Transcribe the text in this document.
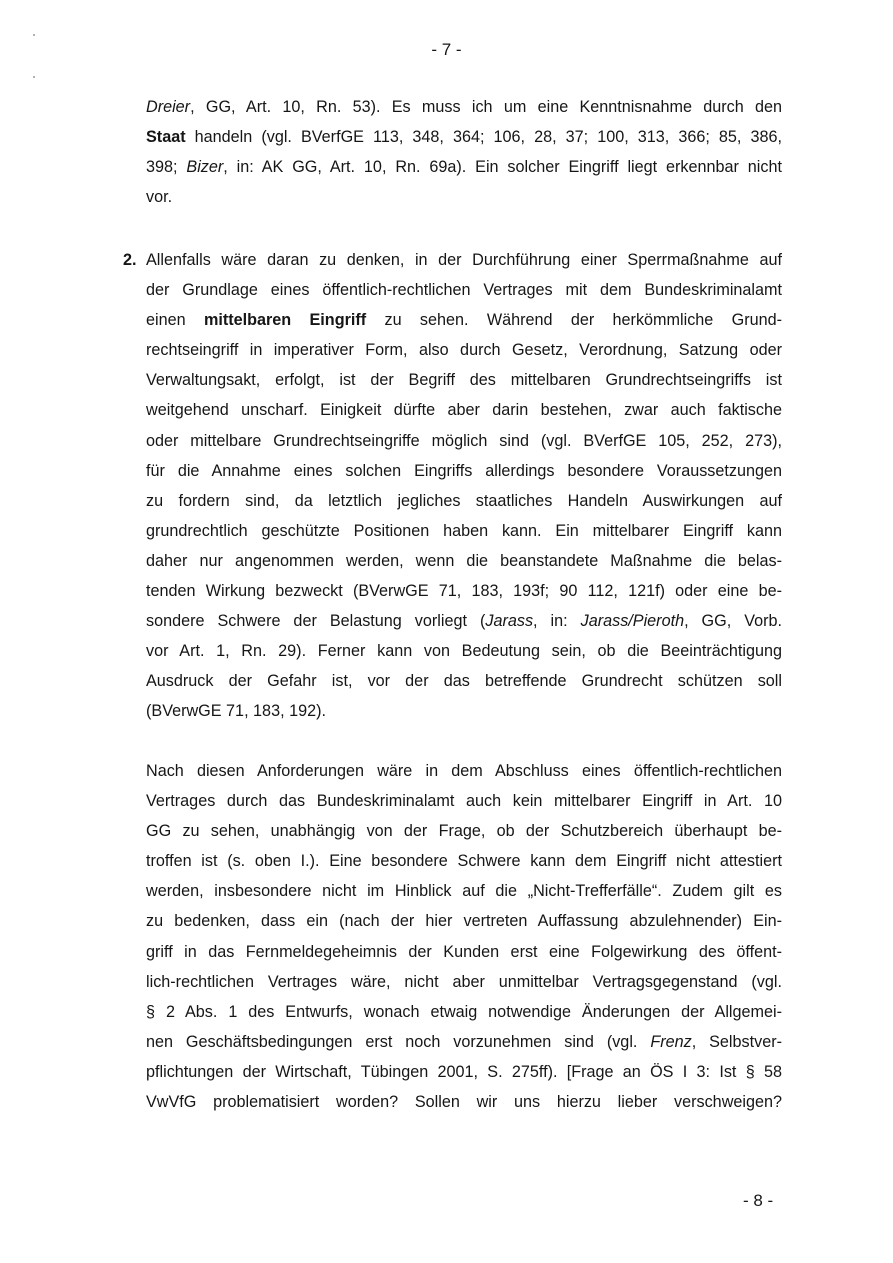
- 7 -
Dreier, GG, Art. 10, Rn. 53). Es muss ich um eine Kenntnisnahme durch den
Staat handeln (vgl. BVerfGE 113, 348, 364; 106, 28, 37; 100, 313, 366; 85, 386,
398; Bizer, in: AK GG, Art. 10, Rn. 69a). Ein solcher Eingriff liegt erkennbar nicht
vor.
2. Allenfalls wäre daran zu denken, in der Durchführung einer Sperrmaßnahme auf
der Grundlage eines öffentlich-rechtlichen Vertrages mit dem Bundeskriminalamt
einen mittelbaren Eingriff zu sehen. Während der herkömmliche Grund-
rechtseingriff in imperativer Form, also durch Gesetz, Verordnung, Satzung oder
Verwaltungsakt, erfolgt, ist der Begriff des mittelbaren Grundrechtseingriffs ist
weitgehend unscharf. Einigkeit dürfte aber darin bestehen, zwar auch faktische
oder mittelbare Grundrechtseingriffe möglich sind (vgl. BVerfGE 105, 252, 273),
für die Annahme eines solchen Eingriffs allerdings besondere Voraussetzungen
zu fordern sind, da letztlich jegliches staatliches Handeln Auswirkungen auf
grundrechtlich geschützte Positionen haben kann. Ein mittelbarer Eingriff kann
daher nur angenommen werden, wenn die beanstandete Maßnahme die belas-
tenden Wirkung bezweckt (BVerwGE 71, 183, 193f; 90 112, 121f) oder eine be-
sondere Schwere der Belastung vorliegt (Jarass, in: Jarass/Pieroth, GG, Vorb.
vor Art. 1, Rn. 29). Ferner kann von Bedeutung sein, ob die Beeinträchtigung
Ausdruck der Gefahr ist, vor der das betreffende Grundrecht schützen soll
(BVerwGE 71, 183, 192).
Nach diesen Anforderungen wäre in dem Abschluss eines öffentlich-rechtlichen
Vertrages durch das Bundeskriminalamt auch kein mittelbarer Eingriff in Art. 10
GG zu sehen, unabhängig von der Frage, ob der Schutzbereich überhaupt be-
troffen ist (s. oben I.). Eine besondere Schwere kann dem Eingriff nicht attestiert
werden, insbesondere nicht im Hinblick auf die „Nicht-Trefferfälle“. Zudem gilt es
zu bedenken, dass ein (nach der hier vertreten Auffassung abzulehnender) Ein-
griff in das Fernmeldegeheimnis der Kunden erst eine Folgewirkung des öffent-
lich-rechtlichen Vertrages wäre, nicht aber unmittelbar Vertragsgegenstand (vgl.
§ 2 Abs. 1 des Entwurfs, wonach etwaig notwendige Änderungen der Allgemei-
nen Geschäftsbedingungen erst noch vorzunehmen sind (vgl. Frenz, Selbstver-
pflichtungen der Wirtschaft, Tübingen 2001, S. 275ff). [Frage an ÖS I 3: Ist § 58
VwVfG problematisiert worden? Sollen wir uns hierzu lieber verschweigen?
- 8 -
